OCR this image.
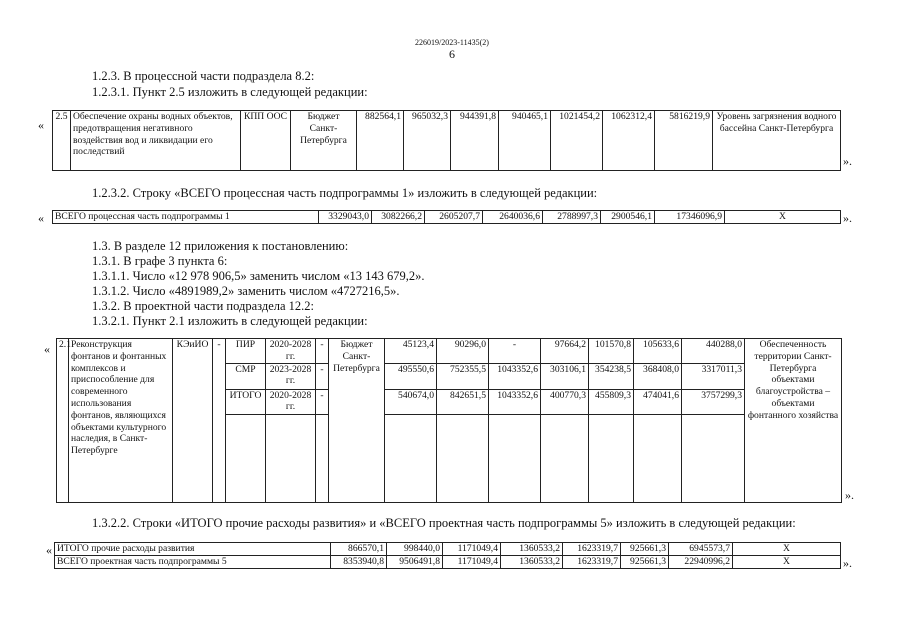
226019/2023-11435(2)
6
1.2.3. В процессной части подраздела 8.2:
1.2.3.1. Пункт 2.5 изложить в следующей редакции:
«
2.5	Обеспечение охраны водных объектов, предотвращения негативного воздействия вод и ликвидации его последствий	КПП ООС	Бюджет Санкт-Петербурга	882564,1	965032,3	944391,8	940465,1	1021454,2	1062312,4	5816219,9	Уровень загрязнения водного бассейна Санкт-Петербурга
».
1.2.3.2. Строку «ВСЕГО процессная часть подпрограммы 1» изложить в следующей редакции:
« ВСЕГО процессная часть подпрограммы 1	3329043,0	3082266,2	2605207,7	2640036,6	2788997,3	2900546,1	17346096,9	X	».
1.3. В разделе 12 приложения к постановлению:
1.3.1. В графе 3 пункта 6:
1.3.1.1. Число «12 978 906,5» заменить числом «13 143 679,2».
1.3.1.2. Число «4891989,2» заменить числом «4727216,5».
1.3.2. В проектной части подраздела 12.2:
1.3.2.1. Пункт 2.1 изложить в следующей редакции:
« 2.1	Реконструкция фонтанов и фонтанных комплексов и приспособление для современного использования фонтанов, являющихся объектами культурного наследия, в Санкт-Петербурге	КЭиИО	-	ПИР	2020-2028 гг.	-	Бюджет Санкт-Петербурга	45123,4	90296,0	-	97664,2	101570,8	105633,6	440288,0	Обеспеченность территории Санкт-Петербурга объектами благоустройства – объектами фонтанного хозяйства
				СМР	2023-2028 гг.	-		495550,6	752355,5	1043352,6	303106,1	354238,5	368408,0	3317011,3	
				ИТОГО	2020-2028 гг.	-		540674,0	842651,5	1043352,6	400770,3	455809,3	474041,6	3757299,3	

».
1.3.2.2. Строки «ИТОГО прочие расходы развития» и «ВСЕГО проектная часть подпрограммы 5» изложить в следующей редакции:
« ИТОГО прочие расходы развития	866570,1	998440,0	1171049,4	1360533,2	1623319,7	925661,3	6945573,7	X
ВСЕГО проектная часть подпрограммы 5	8353940,8	9506491,8	1171049,4	1360533,2	1623319,7	925661,3	22940996,2	X	».
